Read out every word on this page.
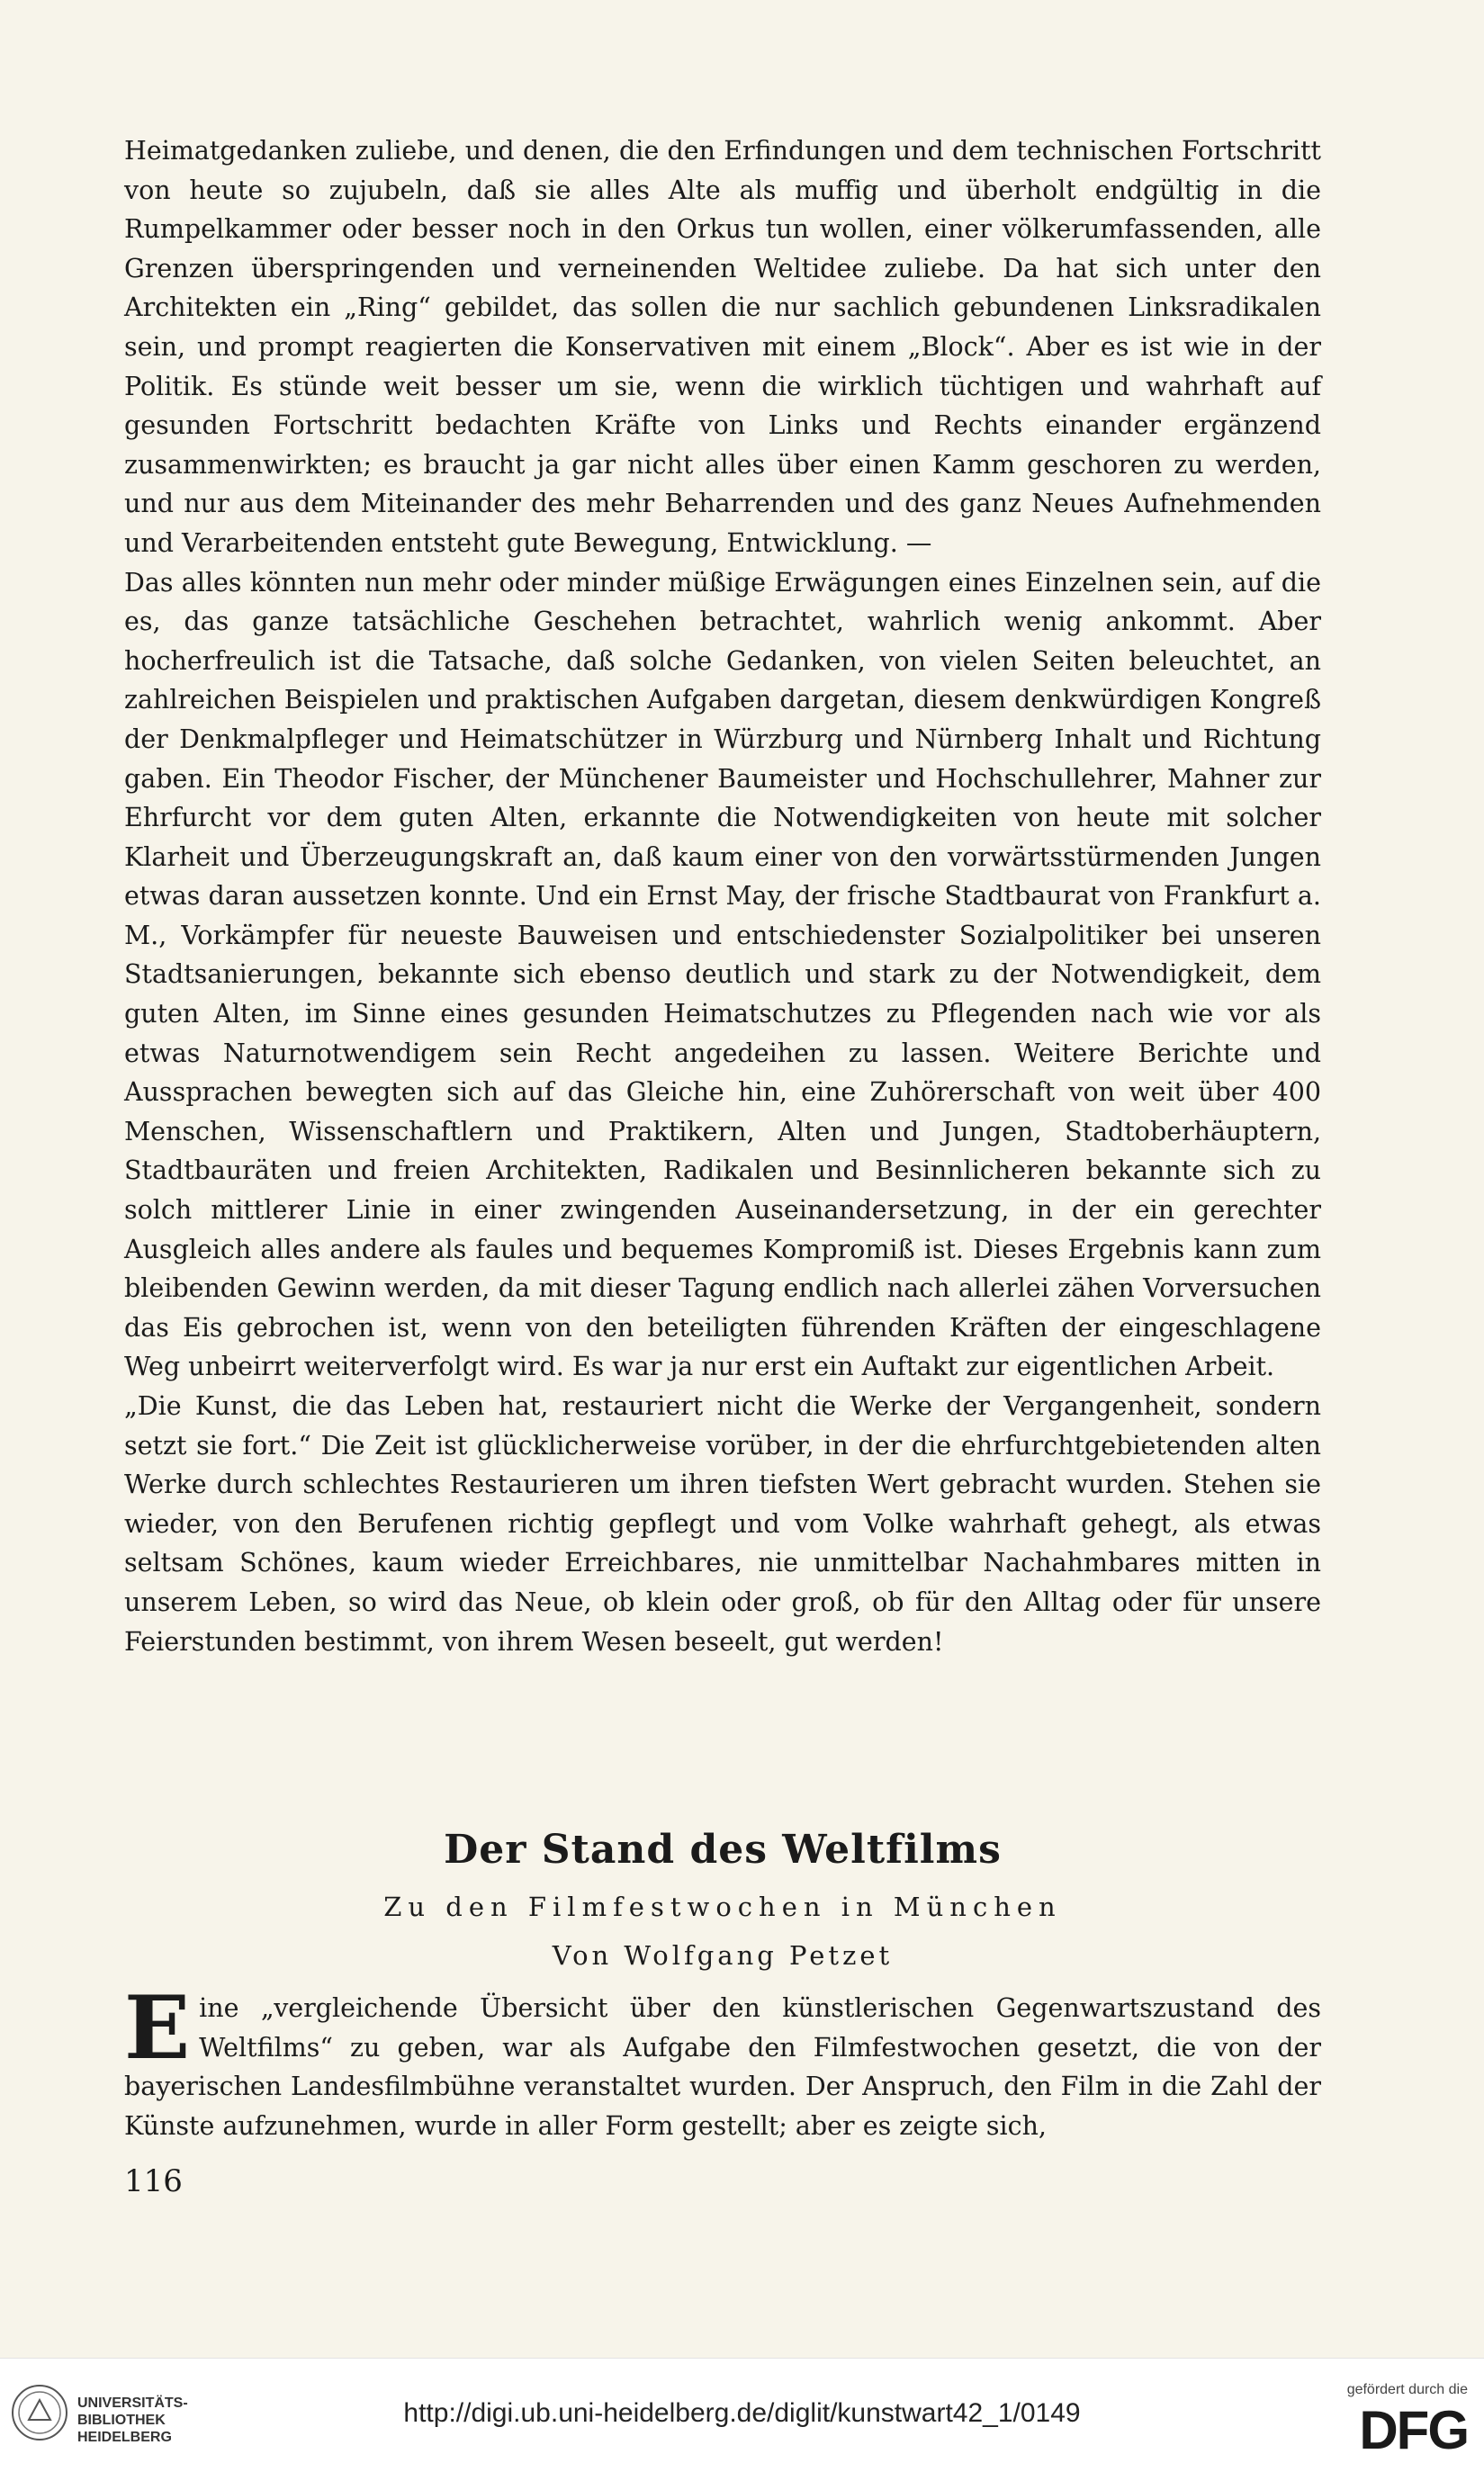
Heimatgedanken zuliebe, und denen, die den Erfindungen und dem technischen Fortschritt von heute so zujubeln, daß sie alles Alte als muffig und überholt endgültig in die Rumpelkammer oder besser noch in den Orkus tun wollen, einer völkerumfassenden, alle Grenzen überspringenden und verneinenden Weltidee zuliebe. Da hat sich unter den Architekten ein „Ring“ gebildet, das sollen die nur sachlich gebundenen Linksradikalen sein, und prompt reagierten die Konservativen mit einem „Block“. Aber es ist wie in der Politik. Es stünde weit besser um sie, wenn die wirklich tüchtigen und wahrhaft auf gesunden Fortschritt bedachten Kräfte von Links und Rechts einander ergänzend zusammenwirkten; es braucht ja gar nicht alles über einen Kamm geschoren zu werden, und nur aus dem Miteinander des mehr Beharrenden und des ganz Neues Aufnehmenden und Verarbeitenden entsteht gute Bewegung, Entwicklung. —

Das alles könnten nun mehr oder minder müßige Erwägungen eines Einzelnen sein, auf die es, das ganze tatsächliche Geschehen betrachtet, wahrlich wenig ankommt. Aber hocherfreulich ist die Tatsache, daß solche Gedanken, von vielen Seiten beleuchtet, an zahlreichen Beispielen und praktischen Aufgaben dargetan, diesem denkwürdigen Kongreß der Denkmalpfleger und Heimatschützer in Würzburg und Nürnberg Inhalt und Richtung gaben. Ein Theodor Fischer, der Münchener Baumeister und Hochschullehrer, Mahner zur Ehrfurcht vor dem guten Alten, erkannte die Notwendigkeiten von heute mit solcher Klarheit und Überzeugungskraft an, daß kaum einer von den vorwärtsstürmenden Jungen etwas daran aussetzen konnte. Und ein Ernst May, der frische Stadtbaurat von Frankfurt a. M., Vorkämpfer für neueste Bauweisen und entschiedenster Sozialpolitiker bei unseren Stadtsanierungen, bekannte sich ebenso deutlich und stark zu der Notwendigkeit, dem guten Alten, im Sinne eines gesunden Heimatschutzes zu Pflegenden nach wie vor als etwas Naturnotwendigem sein Recht angedeihen zu lassen. Weitere Berichte und Aussprachen bewegten sich auf das Gleiche hin, eine Zuhörerschaft von weit über 400 Menschen, Wissenschaftlern und Praktikern, Alten und Jungen, Stadtoberhäuptern, Stadtbauräten und freien Architekten, Radikalen und Besinnlicheren bekannte sich zu solch mittlerer Linie in einer zwingenden Auseinandersetzung, in der ein gerechter Ausgleich alles andere als faules und bequemes Kompromiß ist. Dieses Ergebnis kann zum bleibenden Gewinn werden, da mit dieser Tagung endlich nach allerlei zähen Vorversuchen das Eis gebrochen ist, wenn von den beteiligten führenden Kräften der eingeschlagene Weg unbeirrt weiterverfolgt wird. Es war ja nur erst ein Auftakt zur eigentlichen Arbeit.

„Die Kunst, die das Leben hat, restauriert nicht die Werke der Vergangenheit, sondern setzt sie fort.“ Die Zeit ist glücklicherweise vorüber, in der die ehrfurchtgebietenden alten Werke durch schlechtes Restaurieren um ihren tiefsten Wert gebracht wurden. Stehen sie wieder, von den Berufenen richtig gepflegt und vom Volke wahrhaft gehegt, als etwas seltsam Schönes, kaum wieder Erreichbares, nie unmittelbar Nachahmbares mitten in unserem Leben, so wird das Neue, ob klein oder groß, ob für den Alltag oder für unsere Feierstunden bestimmt, von ihrem Wesen beseelt, gut werden!

Der Stand des Weltfilms
Zu den Filmfestwochen in München
Von Wolfgang Petzet
E ine „vergleichende Übersicht über den künstlerischen Gegenwartszustand des Weltfilms“ zu geben, war als Aufgabe den Filmfestwochen gesetzt, die von der bayerischen Landesfilmbühne veranstaltet wurden. Der Anspruch, den Film in die Zahl der Künste aufzunehmen, wurde in aller Form gestellt; aber es zeigte sich,
116
UNIVERSITÄTS-
BIBLIOTHEK
HEIDELBERG
http://digi.ub.uni-heidelberg.de/diglit/kunstwart42_1/0149
gefördert durch die
DFG
